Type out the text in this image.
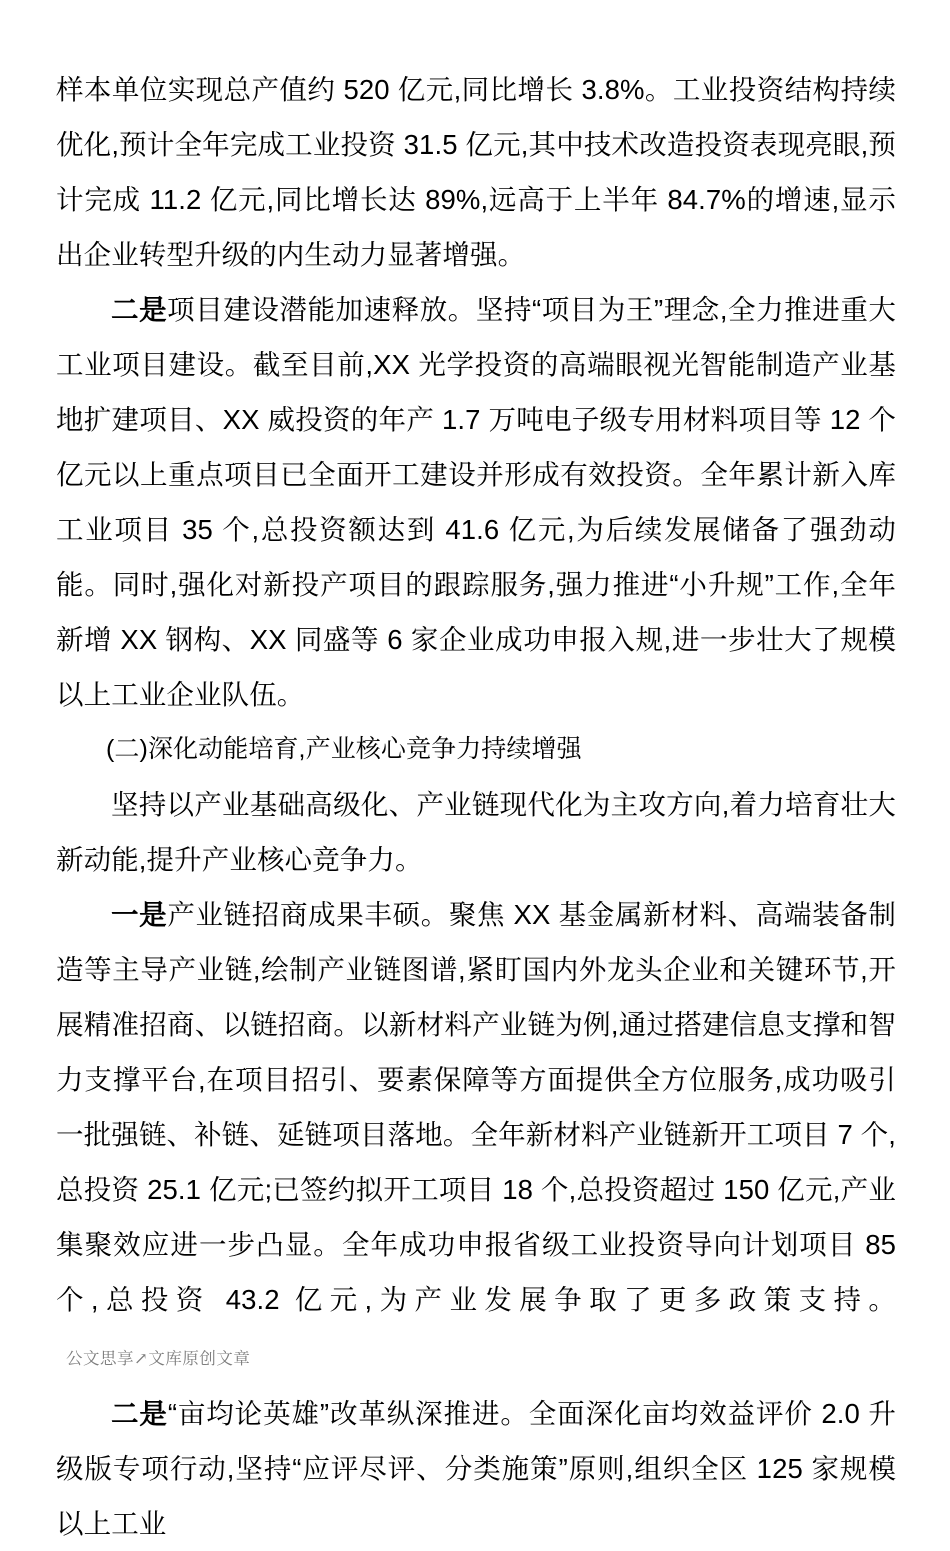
样本单位实现总产值约 520 亿元,同比增长 3.8%。工业投资结构持续优化,预计全年完成工业投资 31.5 亿元,其中技术改造投资表现亮眼,预计完成 11.2 亿元,同比增长达 89%,远高于上半年 84.7%的增速,显示出企业转型升级的内生动力显著增强。

二是项目建设潜能加速释放。坚持“项目为王”理念,全力推进重大工业项目建设。截至目前,XX 光学投资的高端眼视光智能制造产业基地扩建项目、XX 威投资的年产 1.7 万吨电子级专用材料项目等 12 个亿元以上重点项目已全面开工建设并形成有效投资。全年累计新入库工业项目 35 个,总投资额达到 41.6 亿元,为后续发展储备了强劲动能。同时,强化对新投产项目的跟踪服务,强力推进“小升规”工作,全年新增 XX 钢构、XX 同盛等 6 家企业成功申报入规,进一步壮大了规模以上工业企业队伍。

(二)深化动能培育,产业核心竞争力持续增强

坚持以产业基础高级化、产业链现代化为主攻方向,着力培育壮大新动能,提升产业核心竞争力。

一是产业链招商成果丰硕。聚焦 XX 基金属新材料、高端装备制造等主导产业链,绘制产业链图谱,紧盯国内外龙头企业和关键环节,开展精准招商、以链招商。以新材料产业链为例,通过搭建信息支撑和智力支撑平台,在项目招引、要素保障等方面提供全方位服务,成功吸引一批强链、补链、延链项目落地。全年新材料产业链新开工项目 7 个,总投资 25.1 亿元;已签约拟开工项目 18 个,总投资超过 150 亿元,产业集聚效应进一步凸显。全年成功申报省级工业投资导向计划项目 85 个,总投资 43.2 亿元,为产业发展争取了更多政策支持。公文思享↗文库原创文章

二是“亩均论英雄”改革纵深推进。全面深化亩均效益评价 2.0 升级版专项行动,坚持“应评尽评、分类施策”原则,组织全区 125 家规模以上工业
